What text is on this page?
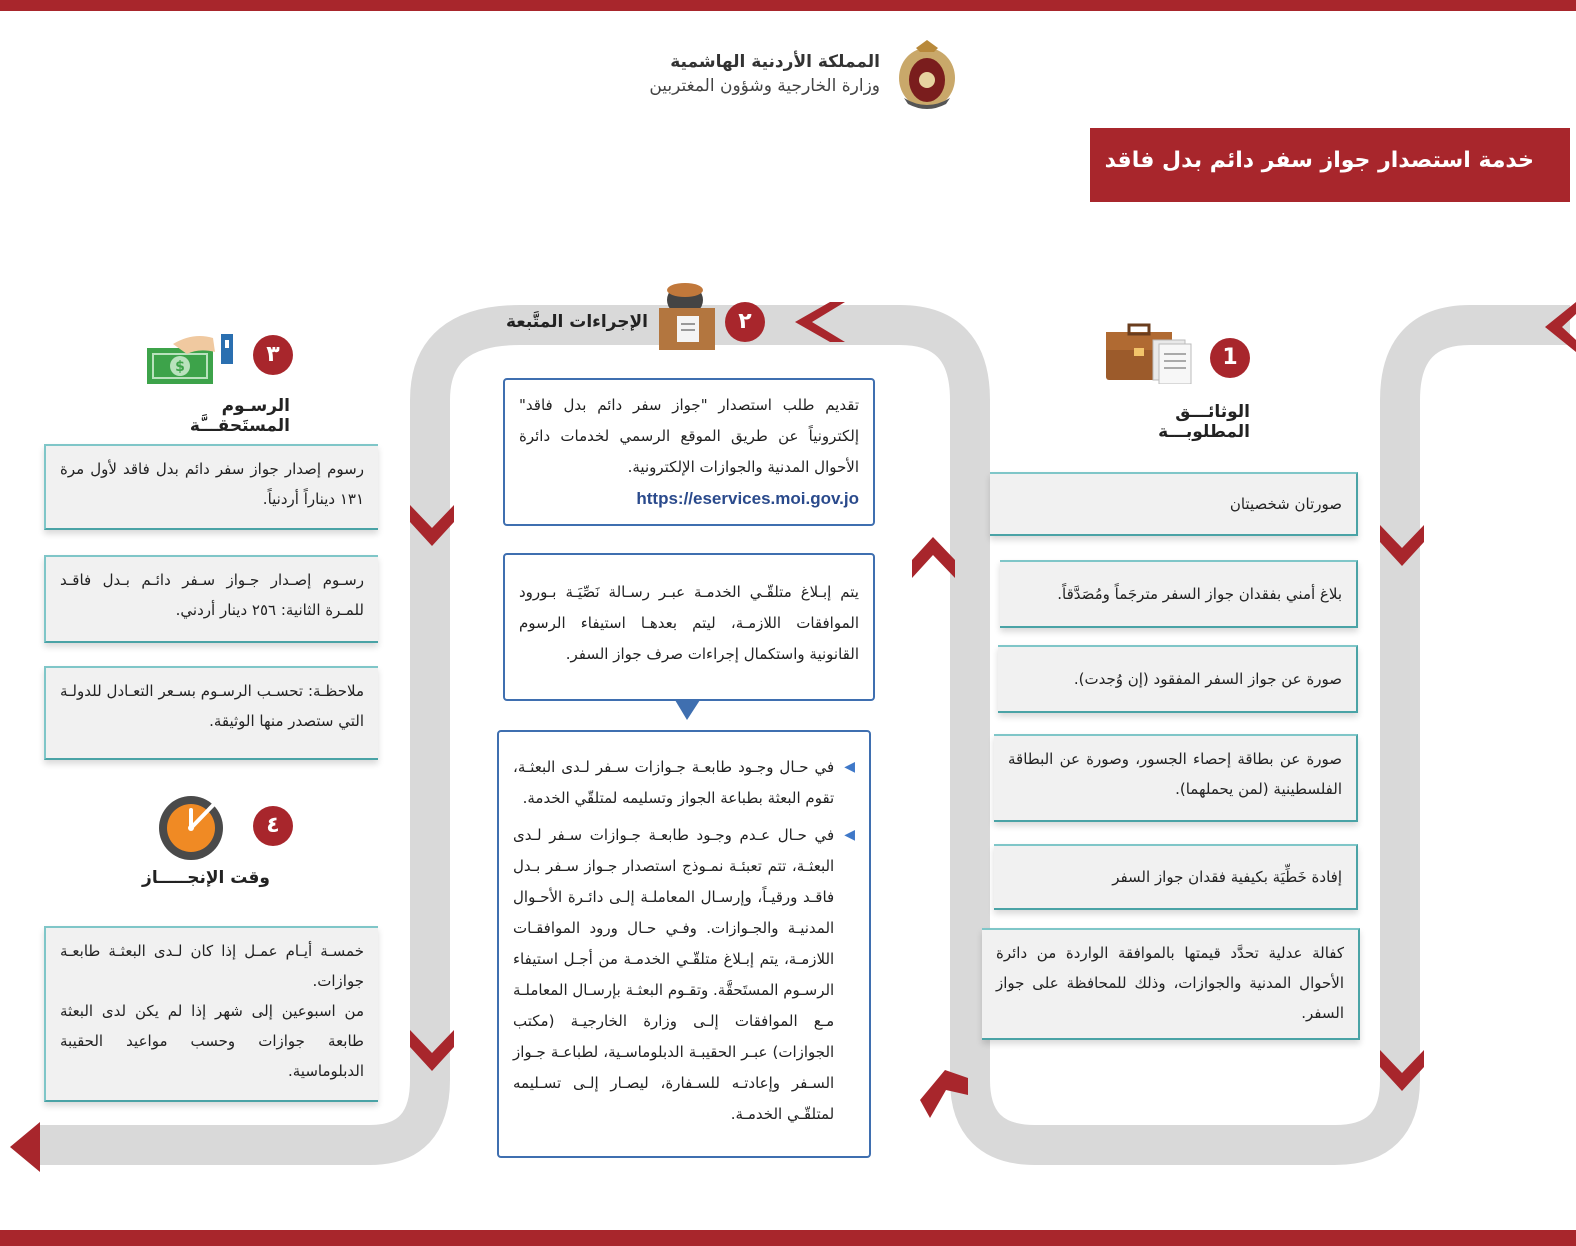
المملكة الأردنية الهاشمية
وزارة الخارجية وشؤون المغتربين
خدمة استصدار جواز سفر دائم بدل فاقد
1
الوثائـــق المطلوبـــة
صورتان شخصيتان
بلاغ أمني بفقدان جواز السفر مترجَماً ومُصَدَّقاً.
صورة عن جواز السفر المفقود (إن وُجدت).
صورة عن بطاقة إحصاء الجسور، وصورة عن البطاقة الفلسطينية (لمن يحملهما).
إفادة خَطِّيَة بكيفية فقدان جواز السفر
كفالة عدلية تحدَّد قيمتها بالموافقة الواردة من دائرة الأحوال المدنية والجوازات، وذلك للمحافظة على جواز السفر.
٢
الإجراءات المتَّبعة
تقديم طلب استصدار "جواز سفر دائم بدل فاقد" إلكترونياً عن طريق الموقع الرسمي لخدمات دائرة الأحوال المدنية والجوازات الإلكترونية.
https://eservices.moi.gov.jo
يتم إبـلاغ متلقّـي الخدمـة عبـر رسـالة نَصِّيَـة بـورود الموافقات اللازمـة، ليتم بعدهـا استيفاء الرسوم القانونية واستكمال إجراءات صرف جواز السفر.
◀
في حـال وجـود طابعـة جـوازات سـفر لـدى البعثـة، تقوم البعثة بطباعة الجواز وتسليمه لمتلقّي الخدمة.
◀
في حـال عـدم وجـود طابعـة جـوازات سـفر لـدى البعثـة، تتم تعبئـة نمـوذج استصدار جـواز سـفر بـدل فاقـد ورقيـاً، وإرسـال المعاملـة إلـى دائـرة الأحـوال المدنيـة والجـوازات. وفـي حـال ورود الموافقـات اللازمـة، يتم إبـلاغ متلقّـي الخدمـة من أجـل استيفاء الرسـوم المستَحقَّة. وتقـوم البعثـة بإرسـال المعاملـة مـع الموافقات إلـى وزارة الخارجيـة (مكتب الجوازات) عبـر الحقيبـة الدبلوماسـية، لطباعـة جـواز السـفر وإعادتـه للسـفارة، ليصـار إلـى تسـليمه لمتلقّـي الخدمـة.
٣
$
الرسـوم المستَحقـــَّة
رسوم إصدار جواز سفر دائم بدل فاقد لأول مرة ١٣١ ديناراً أردنياً.
رسـوم إصـدار جـواز سـفر دائـم بـدل فاقـد للمـرة الثانية: ٢٥٦ دينار أردني.
ملاحظـة: تحسـب الرسـوم بسـعر التعـادل للدولـة التي ستصدر منها الوثيقة.
٤
وقت الإنجـــــاز
خمسـة أيـام عمـل إذا كان لـدى البعثـة طابعـة جوازات.
من اسبوعين إلى شهر إذا لم يكن لدى البعثة طابعة جوازات وحسب مواعيد الحقيبة الدبلوماسية.
